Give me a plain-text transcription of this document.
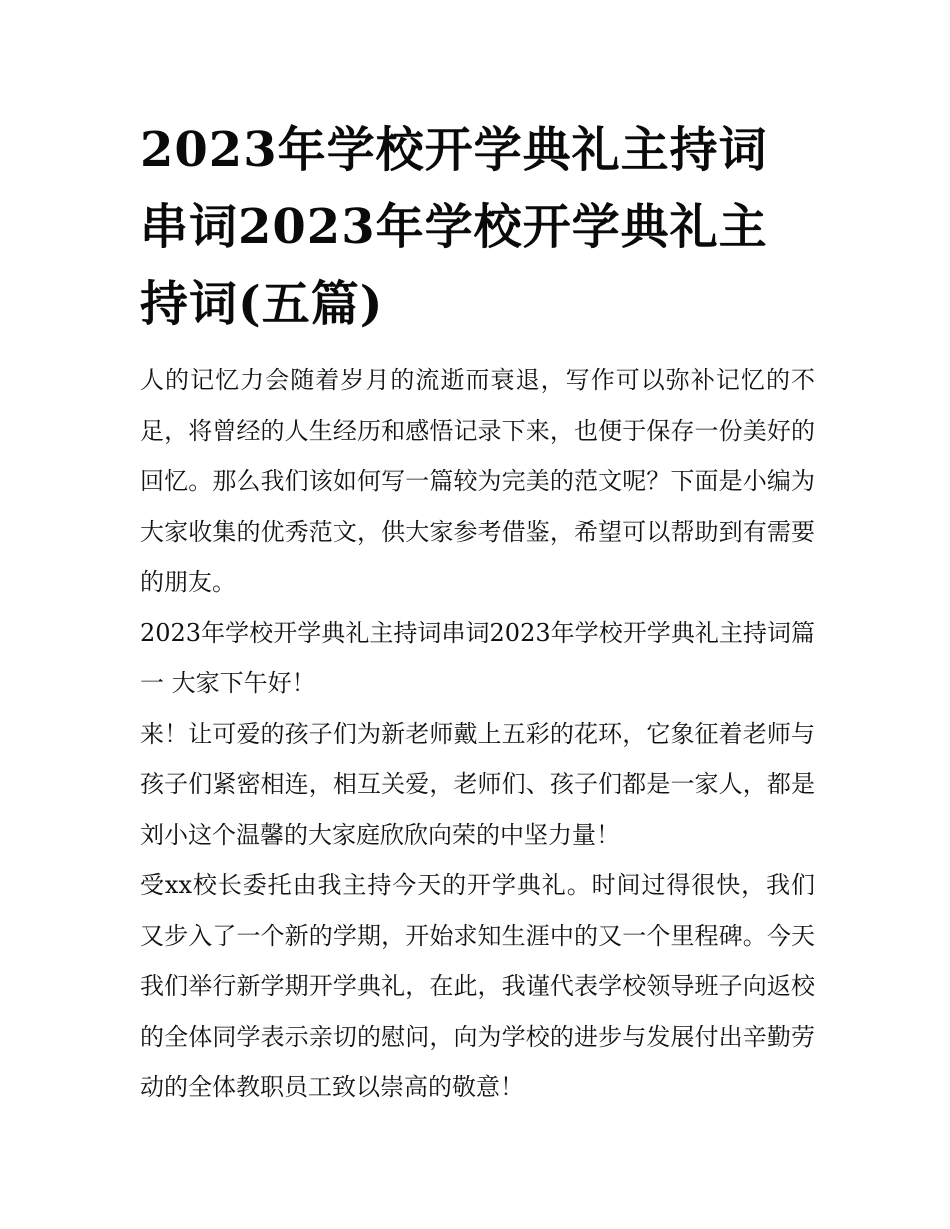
2023年学校开学典礼主持词串词2023年学校开学典礼主持词(五篇)

人的记忆力会随着岁月的流逝而衰退，写作可以弥补记忆的不足，将曾经的人生经历和感悟记录下来，也便于保存一份美好的回忆。那么我们该如何写一篇较为完美的范文呢？下面是小编为大家收集的优秀范文，供大家参考借鉴，希望可以帮助到有需要的朋友。

2023年学校开学典礼主持词串词2023年学校开学典礼主持词篇一 大家下午好！

来！让可爱的孩子们为新老师戴上五彩的花环，它象征着老师与孩子们紧密相连，相互关爱，老师们、孩子们都是一家人，都是刘小这个温馨的大家庭欣欣向荣的中坚力量！

受xx校长委托由我主持今天的开学典礼。时间过得很快，我们又步入了一个新的学期，开始求知生涯中的又一个里程碑。今天我们举行新学期开学典礼，在此，我谨代表学校领导班子向返校的全体同学表示亲切的慰问，向为学校的进步与发展付出辛勤劳动的全体教职员工致以崇高的敬意！
